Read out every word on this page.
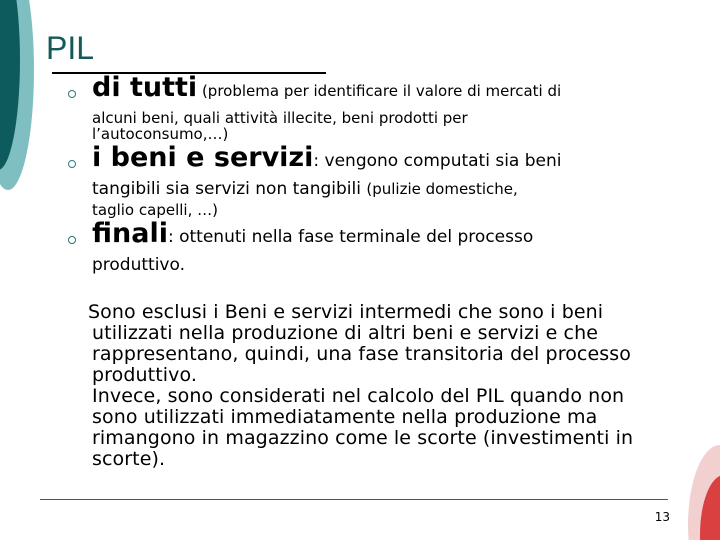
PIL
di tutti (problema per identificare il valore di mercati di
alcuni beni, quali attività illecite, beni prodotti per
l’autoconsumo,…)
i beni e servizi: vengono computati sia beni
tangibili sia servizi non tangibili (pulizie domestiche,
taglio capelli, …)
finali: ottenuti nella fase terminale del processo
produttivo.
Sono esclusi i Beni e servizi intermedi che sono i beni
utilizzati nella produzione di altri beni e servizi e che
rappresentano, quindi, una fase transitoria del processo
produttivo.
Invece, sono considerati nel calcolo del PIL quando non
sono utilizzati immediatamente nella produzione ma
rimangono in magazzino come le scorte (investimenti in
scorte).
13
